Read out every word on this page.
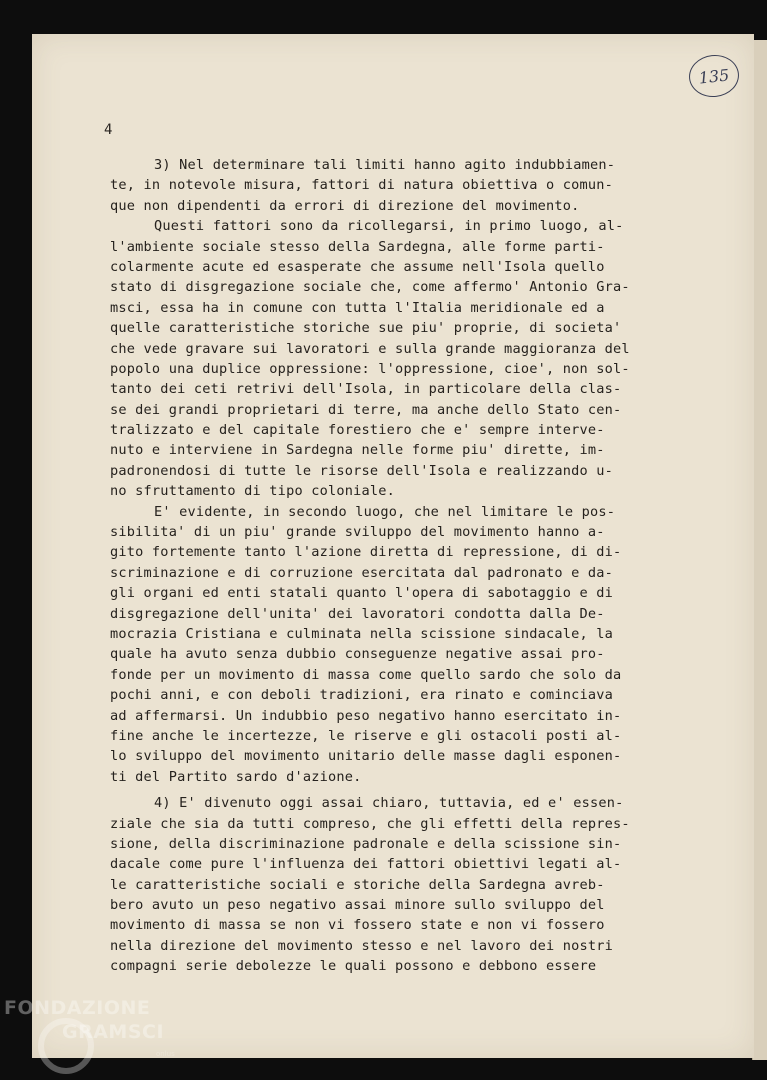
135
4
3) Nel determinare tali limiti hanno agito indubbiamen-
te, in notevole misura, fattori di natura obiettiva o comun-
que non dipendenti da errori di direzione del movimento.
Questi fattori sono da ricollegarsi, in primo luogo, al-
l'ambiente sociale stesso della Sardegna, alle forme parti-
colarmente acute ed esasperate che assume nell'Isola quello
stato di disgregazione sociale che, come affermo' Antonio Gra-
msci, essa ha in comune con tutta l'Italia meridionale ed a
quelle caratteristiche storiche sue piu' proprie, di societa'
che vede gravare sui lavoratori e sulla grande maggioranza del
popolo una duplice oppressione: l'oppressione, cioe', non sol-
tanto dei ceti retrivi dell'Isola, in particolare della clas-
se dei grandi proprietari di terre, ma anche dello Stato cen-
tralizzato e del capitale forestiero che e' sempre interve-
nuto e interviene in Sardegna nelle forme piu' dirette, im-
padronendosi di tutte le risorse dell'Isola e realizzando u-
no sfruttamento di tipo coloniale.
E' evidente, in secondo luogo, che nel limitare le pos-
sibilita' di un piu' grande sviluppo del movimento hanno a-
gito fortemente tanto l'azione diretta di repressione, di di-
scriminazione e di corruzione esercitata dal padronato e da-
gli organi ed enti statali quanto l'opera di sabotaggio e di
disgregazione dell'unita' dei lavoratori condotta dalla De-
mocrazia Cristiana e culminata nella scissione sindacale, la
quale ha avuto senza dubbio conseguenze negative assai pro-
fonde per un movimento di massa come quello sardo che solo da
pochi anni, e con deboli tradizioni, era rinato e cominciava
ad affermarsi. Un indubbio peso negativo hanno esercitato in-
fine anche le incertezze, le riserve e gli ostacoli posti al-
lo sviluppo del movimento unitario delle masse dagli esponen-
ti del Partito sardo d'azione.
4) E' divenuto oggi assai chiaro, tuttavia, ed e' essen-
ziale che sia da tutti compreso, che gli effetti della repres-
sione, della discriminazione padronale e della scissione sin-
dacale come pure l'influenza dei fattori obiettivi legati al-
le caratteristiche sociali e storiche della Sardegna avreb-
bero avuto un peso negativo assai minore sullo sviluppo del
movimento di massa se non vi fossero state e non vi fossero
nella direzione del movimento stesso e nel lavoro dei nostri
compagni serie debolezze le quali possono e debbono essere
FONDAZIONE
GRAMSCI
onlus
